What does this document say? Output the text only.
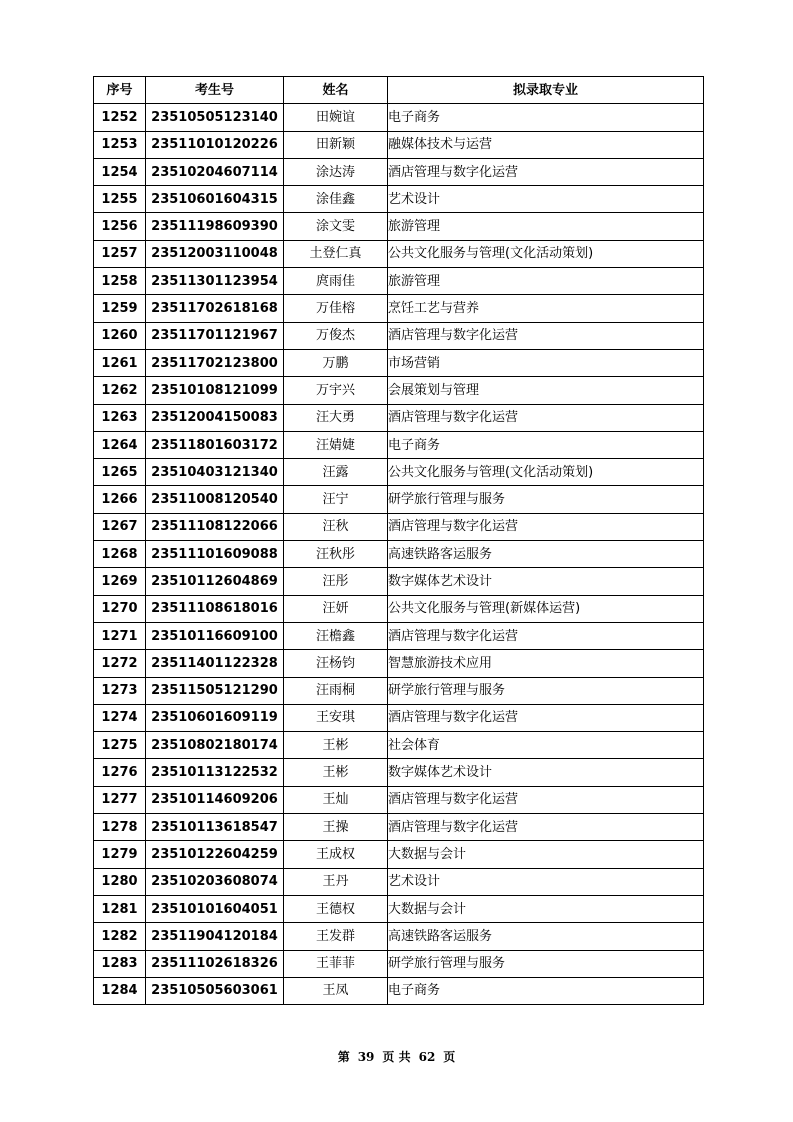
序号	考生号	姓名	拟录取专业
1252	23510505123140	田婉谊	电子商务
1253	23511010120226	田新颖	融媒体技术与运营
1254	23510204607114	涂达涛	酒店管理与数字化运营
1255	23510601604315	涂佳鑫	艺术设计
1256	23511198609390	涂文雯	旅游管理
1257	23512003110048	土登仁真	公共文化服务与管理(文化活动策划)
1258	23511301123954	庹雨佳	旅游管理
1259	23511702618168	万佳榕	烹饪工艺与营养
1260	23511701121967	万俊杰	酒店管理与数字化运营
1261	23511702123800	万鹏	市场营销
1262	23510108121099	万宇兴	会展策划与管理
1263	23512004150083	汪大勇	酒店管理与数字化运营
1264	23511801603172	汪婧婕	电子商务
1265	23510403121340	汪露	公共文化服务与管理(文化活动策划)
1266	23511008120540	汪宁	研学旅行管理与服务
1267	23511108122066	汪秋	酒店管理与数字化运营
1268	23511101609088	汪秋彤	高速铁路客运服务
1269	23510112604869	汪彤	数字媒体艺术设计
1270	23511108618016	汪妍	公共文化服务与管理(新媒体运营)
1271	23510116609100	汪檐鑫	酒店管理与数字化运营
1272	23511401122328	汪杨钧	智慧旅游技术应用
1273	23511505121290	汪雨桐	研学旅行管理与服务
1274	23510601609119	王安琪	酒店管理与数字化运营
1275	23510802180174	王彬	社会体育
1276	23510113122532	王彬	数字媒体艺术设计
1277	23510114609206	王灿	酒店管理与数字化运营
1278	23510113618547	王操	酒店管理与数字化运营
1279	23510122604259	王成权	大数据与会计
1280	23510203608074	王丹	艺术设计
1281	23510101604051	王德权	大数据与会计
1282	23511904120184	王发群	高速铁路客运服务
1283	23511102618326	王菲菲	研学旅行管理与服务
1284	23510505603061	王凤	电子商务
第 39 页 共 62 页
